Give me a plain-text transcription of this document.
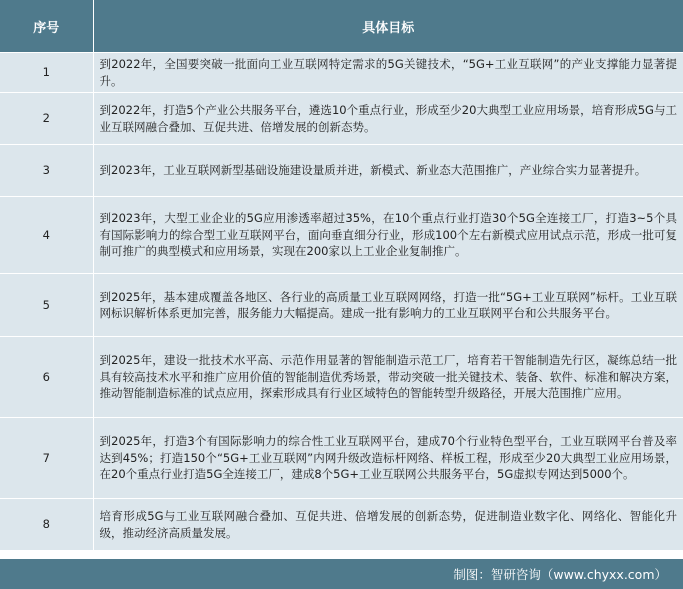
序号	具体目标
1	到2022年，全国要突破一批面向工业互联网特定需求的5G关键技术，“5G+工业互联网”的产业支撑能力显著提升。
2	到2022年，打造5个产业公共服务平台，遴选10个重点行业，形成至少20大典型工业应用场景，培育形成5G与工业互联网融合叠加、互促共进、倍增发展的创新态势。
3	到2023年，工业互联网新型基础设施建设量质并进，新模式、新业态大范围推广，产业综合实力显著提升。
4	到2023年，大型工业企业的5G应用渗透率超过35%，在10个重点行业打造30个5G全连接工厂，打造3~5个具有国际影响力的综合型工业互联网平台，面向垂直细分行业，形成100个左右新模式应用试点示范，形成一批可复制可推广的典型模式和应用场景，实现在200家以上工业企业复制推广。
5	到2025年，基本建成覆盖各地区、各行业的高质量工业互联网网络，打造一批“5G+工业互联网”标杆。工业互联网标识解析体系更加完善，服务能力大幅提高。建成一批有影响力的工业互联网平台和公共服务平台。
6	到2025年，建设一批技术水平高、示范作用显著的智能制造示范工厂，培育若干智能制造先行区，凝练总结一批具有较高技术水平和推广应用价值的智能制造优秀场景，带动突破一批关键技术、装备、软件、标准和解决方案，推动智能制造标准的试点应用，探索形成具有行业区域特色的智能转型升级路径，开展大范围推广应用。
7	到2025年，打造3个有国际影响力的综合性工业互联网平台，建成70个行业特色型平台，工业互联网平台普及率达到45%；打造150个“5G+工业互联网”内网升级改造标杆网络、样板工程，形成至少20大典型工业应用场景，在20个重点行业打造5G全连接工厂，建成8个5G+工业互联网公共服务平台，5G虚拟专网达到5000个。
8	培育形成5G与工业互联网融合叠加、互促共进、倍增发展的创新态势，促进制造业数字化、网络化、智能化升级，推动经济高质量发展。
制图：智研咨询（www.chyxx.com）
